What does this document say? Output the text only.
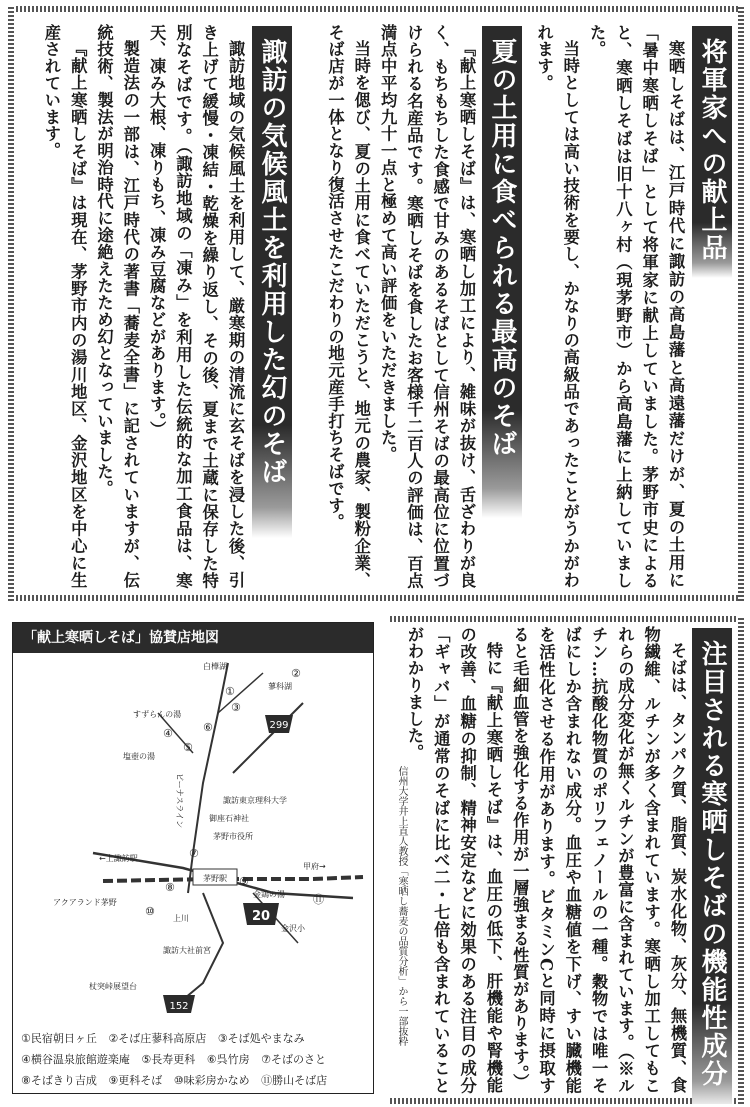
将軍家への献上品

寒晒しそばは、江戸時代に諏訪の高島藩と高遠藩だけが、夏の土用に「暑中寒晒しそば」として将軍家に献上していました。茅野市史によると、寒晒しそばは旧十八ヶ村（現茅野市）から高島藩に上納していました。

当時としては高い技術を要し、かなりの高級品であったことがうかがわれます。

夏の土用に食べられる最高のそば

『献上寒晒しそば』は、寒晒し加工により、雑味が抜け、舌ざわりが良く、もちもちした食感で甘みのあるそばとして信州そばの最高位に位置づけられる名産品です。寒晒しそばを食したお客様千二百人の評価は、百点満点中平均九十一点と極めて高い評価をいただきました。

当時を偲び、夏の土用に食べていただこうと、地元の農家、製粉企業、そば店が一体となり復活させたこだわりの地元産手打ちそばです。

諏訪の気候風土を利用した幻のそば

諏訪地域の気候風土を利用して、厳寒期の清流に玄そばを浸した後、引き上げて緩慢・凍結・乾燥を繰り返し、その後、夏まで土蔵に保存した特別なそばです。（諏訪地域の「凍み」を利用した伝統的な加工食品は、寒天、凍み大根、凍りもち、凍み豆腐などがあります。）

製造法の一部は、江戸時代の著書「蕎麦全書」に記されていますが、伝統技術、製法が明治時代に途絶えたため幻となっていました。

『献上寒晒しそば』は現在、茅野市内の湯川地区、金沢地区を中心に生産されています。

注目される寒晒しそばの機能性成分

そばは、タンパク質、脂質、炭水化物、灰分、無機質、食物繊維、ルチンが多く含まれています。寒晒し加工してもこれらの成分変化が無くルチンが豊富に含まれています。（※ルチン…抗酸化物質のポリフェノールの一種。穀物では唯一そばにしか含まれない成分。血圧や血糖値を下げ、すい臓機能を活性化させる作用があります。ビタミンCと同時に摂取すると毛細血管を強化する作用が一層強まる性質があります。）

特に『献上寒晒しそば』は、血圧の低下、肝機能や腎機能の改善、血糖の抑制、精神安定などに効果のある注目の成分「ギャバ」が通常のそばに比べ二・七倍も含まれていることがわかりました。

信州大学井上直人教授「寒晒し蕎麦の品質分析」から一部抜粋
「献上寒晒しそば」協賛店地図
299
20
152
茅野駅
白樺湖
蓼科湖
すずらんの湯
塩壺の湯
ビーナスライン	諏訪東京理科大学
御座石神社
茅野市役所
←上諏訪駅
甲府→
金鶏の湯
アクアランド茅野
上川
金沢小
諏訪大社前宮
杖突峠展望台
①
②
③
④
⑤
⑥
⑦
⑧	⑨
⑩
⑪
①民宿朝日ヶ丘 ②そば庄蓼科高原店 ③そば処やまなみ ④横谷温泉旅館遊楽庵 ⑤長寿更科 ⑥呉竹房 ⑦そばのさと ⑧そばきり吉成 ⑨更科そば ⑩味彩房かなめ ⑪勝山そば店
